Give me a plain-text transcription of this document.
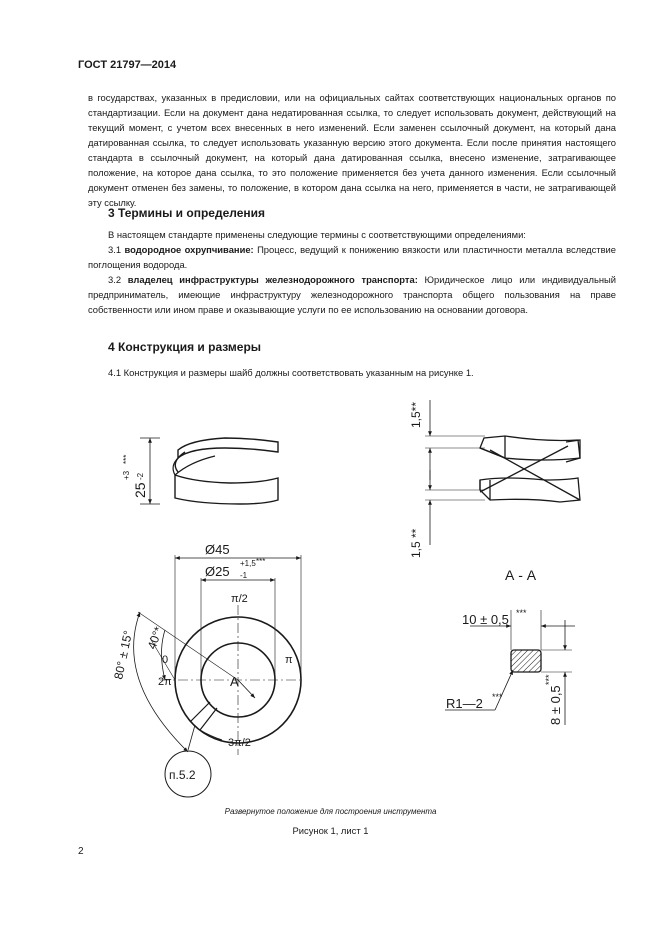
ГОСТ 21797—2014

в государствах, указанных в предисловии, или на официальных сайтах соответствующих национальных органов по стандартизации. Если на документ дана недатированная ссылка, то следует использовать документ, действующий на текущий момент, с учетом всех внесенных в него изменений. Если заменен ссылочный документ, на который дана датированная ссылка, то следует использовать указанную версию этого документа. Если после принятия настоящего стандарта в ссылочный документ, на который дана датированная ссылка, внесено изменение, затрагивающее положение, на которое дана ссылка, то это положение применяется без учета данного изменения. Если ссылочный документ отменен без замены, то положение, в котором дана ссылка на него, применяется в части, не затрагивающей эту ссылку.

3 Термины и определения
В настоящем стандарте применены следующие термины с соответствующими определениями:
3.1 водородное охрупчивание: Процесс, ведущий к понижению вязкости или пластичности металла вследствие поглощения водорода.
3.2 владелец инфраструктуры железнодорожного транспорта: Юридическое лицо или индивидуальный предприниматель, имеющие инфраструктуру железнодорожного транспорта общего пользования на праве собственности или ином праве и оказывающие услуги по ее использованию на основании договора.
4 Конструкция и размеры

4.1 Конструкция и размеры шайб должны соответствовать указанным на рисунке 1.

25
+3 -2
***
Ø45
Ø25
+1,5
-1
***
π/2
0	π
2π
3π/2
A
40°*
80° ± 15°
п.5.2
1,5**
1,5 **
А - А
10 ± 0,5 ***
8 ± 0,5
***
R1—2 ***
Развернутое положение для построения инструмента
Рисунок 1, лист 1
2
